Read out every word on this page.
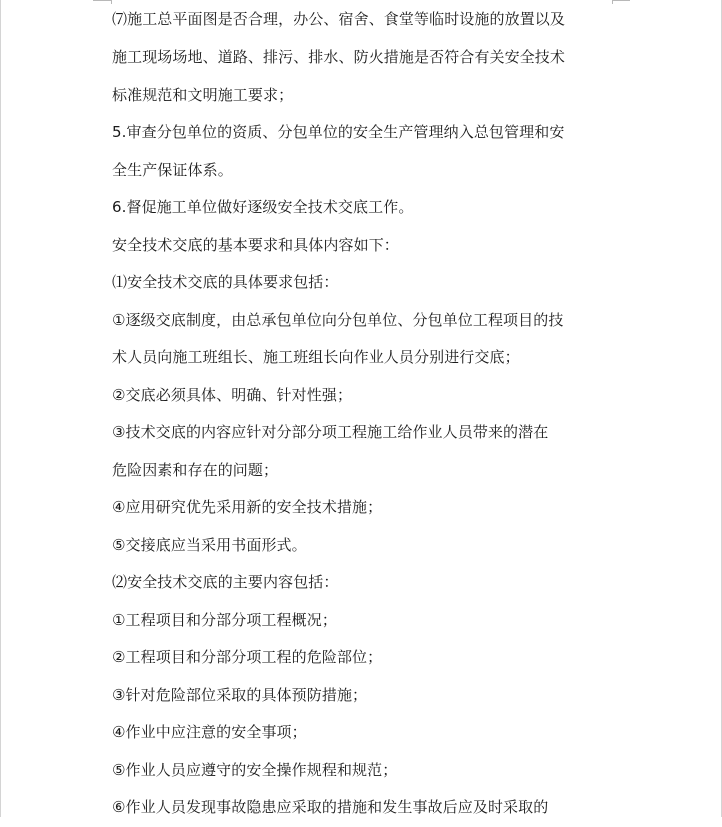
⑺施工总平面图是否合理，办公、宿舍、食堂等临时设施的放置以及
施工现场场地、道路、排污、排水、防火措施是否符合有关安全技术
标准规范和文明施工要求；
5.审查分包单位的资质、分包单位的安全生产管理纳入总包管理和安
全生产保证体系。
6.督促施工单位做好逐级安全技术交底工作。
安全技术交底的基本要求和具体内容如下：
⑴安全技术交底的具体要求包括：
①逐级交底制度，由总承包单位向分包单位、分包单位工程项目的技
术人员向施工班组长、施工班组长向作业人员分别进行交底；
②交底必须具体、明确、针对性强；
③技术交底的内容应针对分部分项工程施工给作业人员带来的潜在
危险因素和存在的问题；
④应用研究优先采用新的安全技术措施；
⑤交接底应当采用书面形式。
⑵安全技术交底的主要内容包括：
①工程项目和分部分项工程概况；
②工程项目和分部分项工程的危险部位；
③针对危险部位采取的具体预防措施；
④作业中应注意的安全事项；
⑤作业人员应遵守的安全操作规程和规范；
⑥作业人员发现事故隐患应采取的措施和发生事故后应及时采取的
